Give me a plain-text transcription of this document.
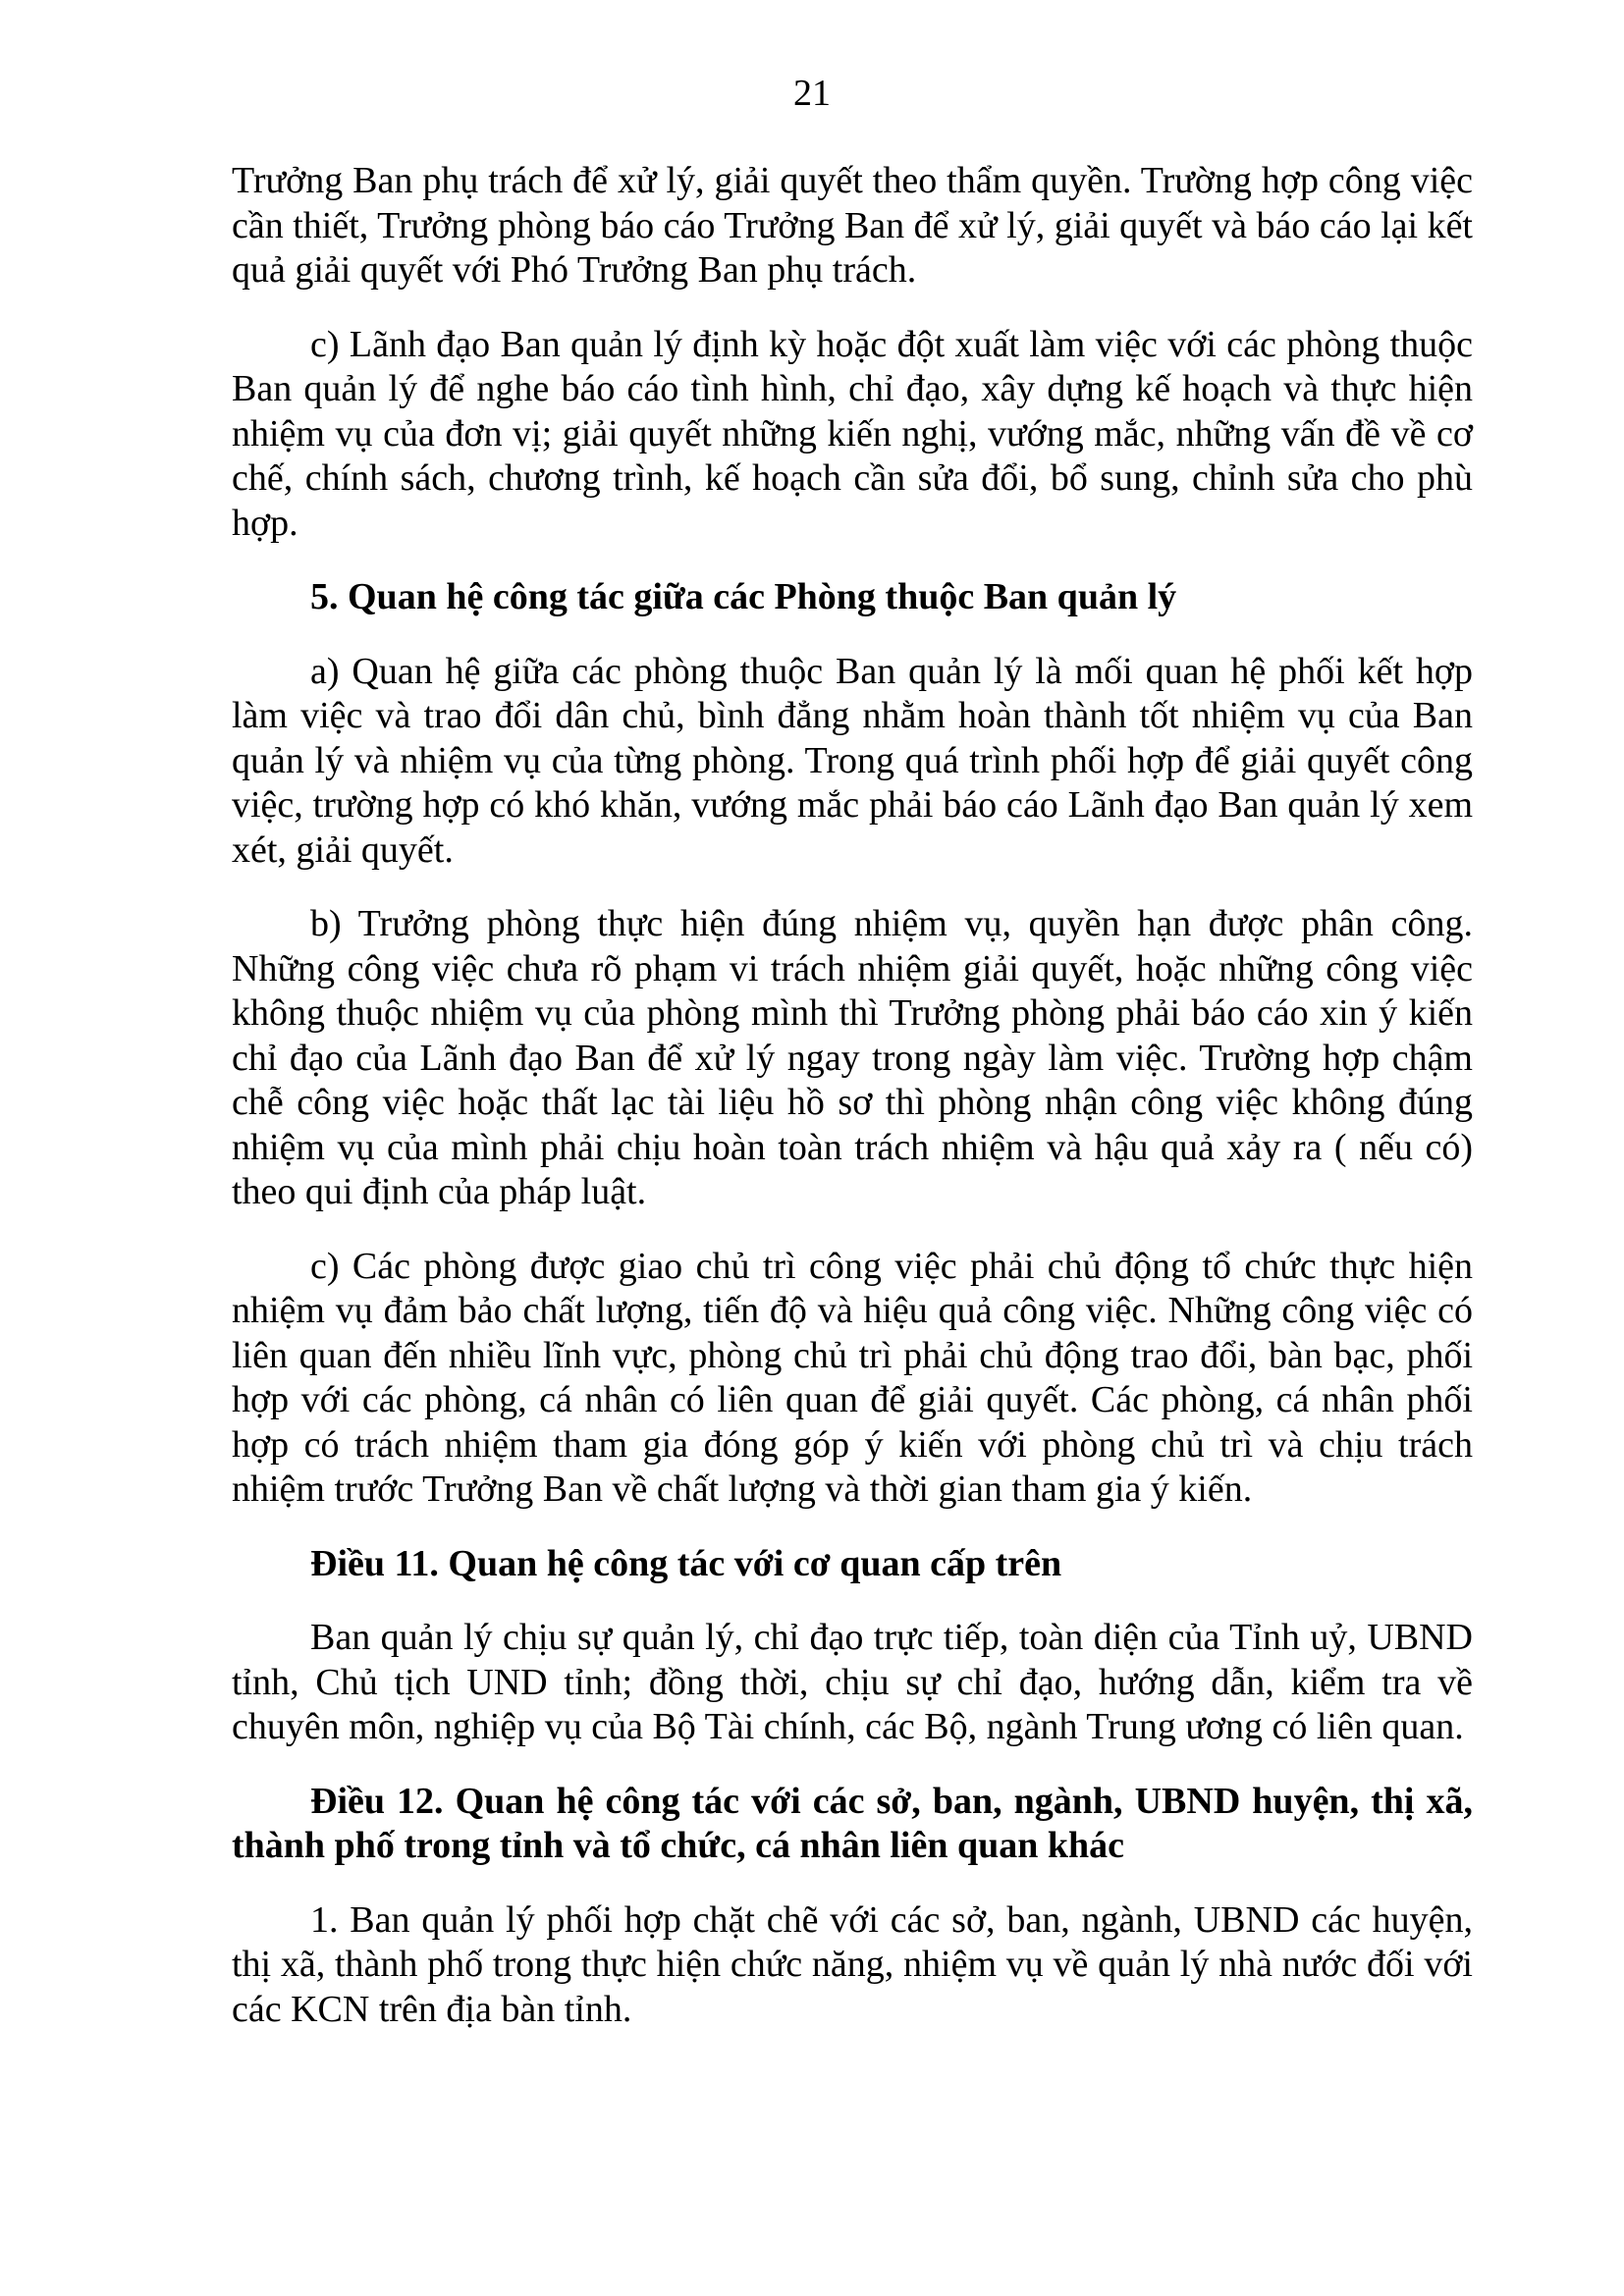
21

Trưởng Ban phụ trách để xử lý, giải quyết theo thẩm quyền. Trường hợp công việc cần thiết, Trưởng phòng báo cáo Trưởng Ban để xử lý, giải quyết và báo cáo lại kết quả giải quyết với Phó Trưởng Ban phụ trách.

c) Lãnh đạo Ban quản lý định kỳ hoặc đột xuất làm việc với các phòng thuộc Ban quản lý để nghe báo cáo tình hình, chỉ đạo, xây dựng kế hoạch và thực hiện nhiệm vụ của đơn vị; giải quyết những kiến nghị, vướng mắc, những vấn đề về cơ chế, chính sách, chương trình, kế hoạch cần sửa đổi, bổ sung, chỉnh sửa cho phù hợp.

5. Quan hệ công tác giữa các Phòng thuộc Ban quản lý

a) Quan hệ giữa các phòng thuộc Ban quản lý là mối quan hệ phối kết hợp làm việc và trao đổi dân chủ, bình đẳng nhằm hoàn thành tốt nhiệm vụ của Ban quản lý và nhiệm vụ của từng phòng. Trong quá trình phối hợp để giải quyết công việc, trường hợp có khó khăn, vướng mắc phải báo cáo Lãnh đạo Ban quản lý xem xét, giải quyết.

b) Trưởng phòng thực hiện đúng nhiệm vụ, quyền hạn được phân công. Những công việc chưa rõ phạm vi trách nhiệm giải quyết, hoặc những công việc không thuộc nhiệm vụ của phòng mình thì Trưởng phòng phải báo cáo xin ý kiến chỉ đạo của Lãnh đạo Ban để xử lý ngay trong ngày làm việc. Trường hợp chậm chễ công việc hoặc thất lạc tài liệu hồ sơ thì phòng nhận công việc không đúng nhiệm vụ của mình phải chịu hoàn toàn trách nhiệm và hậu quả xảy ra ( nếu có) theo qui định của pháp luật.

c) Các phòng được giao chủ trì công việc phải chủ động tổ chức thực hiện nhiệm vụ đảm bảo chất lượng, tiến độ và hiệu quả công việc. Những công việc có liên quan đến nhiều lĩnh vực, phòng chủ trì phải chủ động trao đổi, bàn bạc, phối hợp với các phòng, cá nhân có liên quan để giải quyết. Các phòng, cá nhân phối hợp có trách nhiệm tham gia đóng góp ý kiến với phòng chủ trì và chịu trách nhiệm trước Trưởng Ban về chất lượng và thời gian tham gia ý kiến.

Điều 11. Quan hệ công tác với cơ quan cấp trên

Ban quản lý chịu sự quản lý, chỉ đạo trực tiếp, toàn diện của Tỉnh uỷ, UBND tỉnh, Chủ tịch UND tỉnh; đồng thời, chịu sự chỉ đạo, hướng dẫn, kiểm tra về chuyên môn, nghiệp vụ của Bộ Tài chính, các Bộ, ngành Trung ương có liên quan.

Điều 12. Quan hệ công tác với các sở, ban, ngành, UBND huyện, thị xã, thành phố trong tỉnh và tổ chức, cá nhân liên quan khác

1. Ban quản lý phối hợp chặt chẽ với các sở, ban, ngành, UBND các huyện, thị xã, thành phố trong thực hiện chức năng, nhiệm vụ về quản lý nhà nước đối với các KCN trên địa bàn tỉnh.
